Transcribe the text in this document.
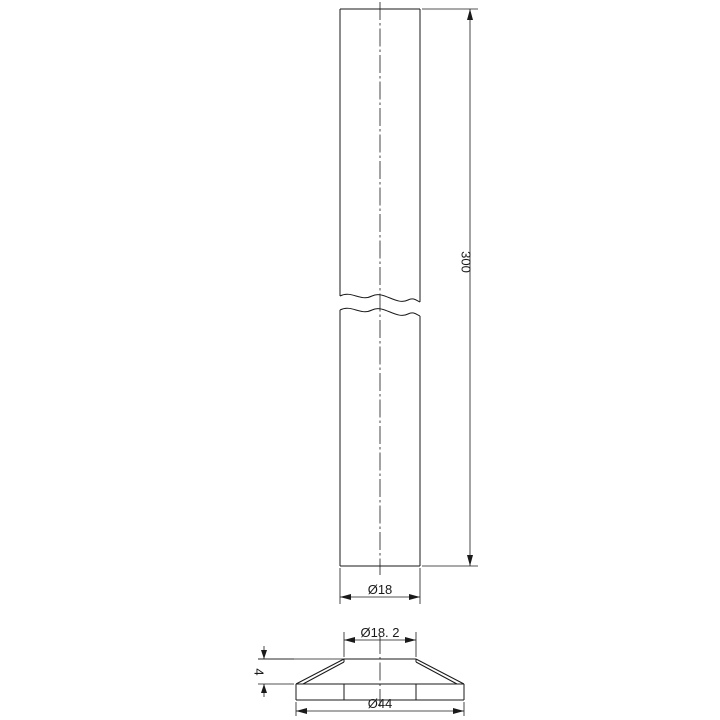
300
Ø18
Ø18. 2
4
Ø44
